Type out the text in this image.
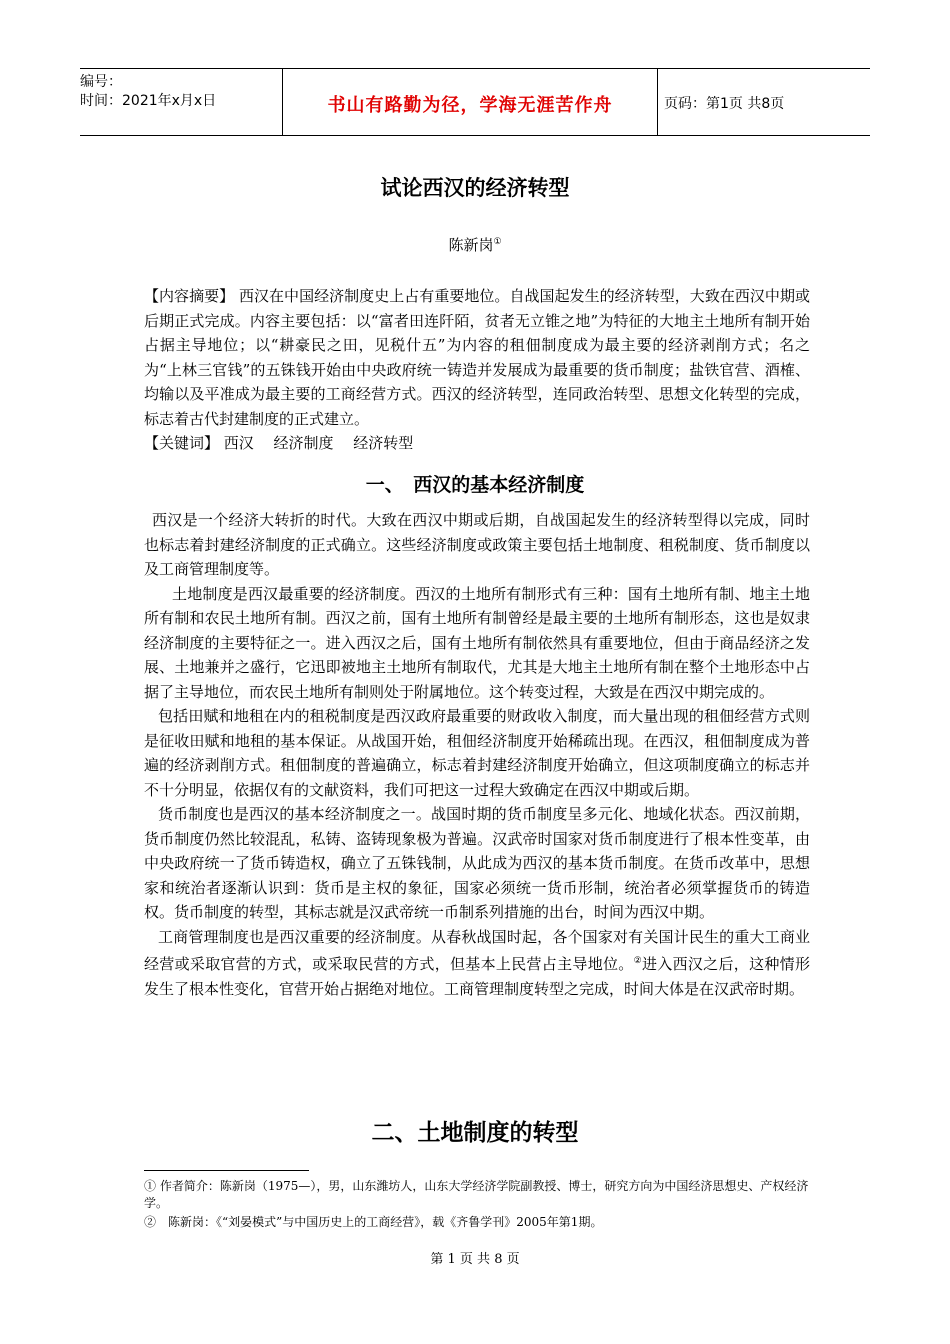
编号：
时间：2021年x月x日	书山有路勤为径，学海无涯苦作舟	页码：第1页 共8页
试论西汉的经济转型
陈新岗①

【内容摘要】 西汉在中国经济制度史上占有重要地位。自战国起发生的经济转型，大致在西汉中期或后期正式完成。内容主要包括：以“富者田连阡陌，贫者无立锥之地”为特征的大地主土地所有制开始占据主导地位；以“耕豪民之田，见税什五”为内容的租佃制度成为最主要的经济剥削方式；名之为“上林三官钱”的五铢钱开始由中央政府统一铸造并发展成为最重要的货币制度；盐铁官营、酒榷、均输以及平准成为最主要的工商经营方式。西汉的经济转型，连同政治转型、思想文化转型的完成，标志着古代封建制度的正式建立。

【关键词】 西汉　 经济制度　 经济转型

一、　西汉的基本经济制度

西汉是一个经济大转折的时代。大致在西汉中期或后期，自战国起发生的经济转型得以完成，同时也标志着封建经济制度的正式确立。这些经济制度或政策主要包括土地制度、租税制度、货币制度以及工商管理制度等。

土地制度是西汉最重要的经济制度。西汉的土地所有制形式有三种：国有土地所有制、地主土地所有制和农民土地所有制。西汉之前，国有土地所有制曾经是最主要的土地所有制形态，这也是奴隶经济制度的主要特征之一。进入西汉之后，国有土地所有制依然具有重要地位，但由于商品经济之发展、土地兼并之盛行，它迅即被地主土地所有制取代，尤其是大地主土地所有制在整个土地形态中占据了主导地位，而农民土地所有制则处于附属地位。这个转变过程，大致是在西汉中期完成的。

包括田赋和地租在内的租税制度是西汉政府最重要的财政收入制度，而大量出现的租佃经营方式则是征收田赋和地租的基本保证。从战国开始，租佃经济制度开始稀疏出现。在西汉，租佃制度成为普遍的经济剥削方式。租佃制度的普遍确立，标志着封建经济制度开始确立，但这项制度确立的标志并不十分明显，依据仅有的文献资料，我们可把这一过程大致确定在西汉中期或后期。

货币制度也是西汉的基本经济制度之一。战国时期的货币制度呈多元化、地域化状态。西汉前期，货币制度仍然比较混乱，私铸、盗铸现象极为普遍。汉武帝时国家对货币制度进行了根本性变革，由中央政府统一了货币铸造权，确立了五铢钱制，从此成为西汉的基本货币制度。在货币改革中，思想家和统治者逐渐认识到：货币是主权的象征，国家必须统一货币形制，统治者必须掌握货币的铸造权。货币制度的转型，其标志就是汉武帝统一币制系列措施的出台，时间为西汉中期。

工商管理制度也是西汉重要的经济制度。从春秋战国时起，各个国家对有关国计民生的重大工商业经营或采取官营的方式，或采取民营的方式，但基本上民营占主导地位。②进入西汉之后，这种情形发生了根本性变化，官营开始占据绝对地位。工商管理制度转型之完成，时间大体是在汉武帝时期。

二、土地制度的转型
① 作者简介：陈新岗（1975—），男，山东潍坊人，山东大学经济学院副教授、博士，研究方向为中国经济思想史、产权经济学。
②　陈新岗：《“刘晏模式”与中国历史上的工商经营》，载《齐鲁学刊》2005年第1期。
第 1 页 共 8 页
